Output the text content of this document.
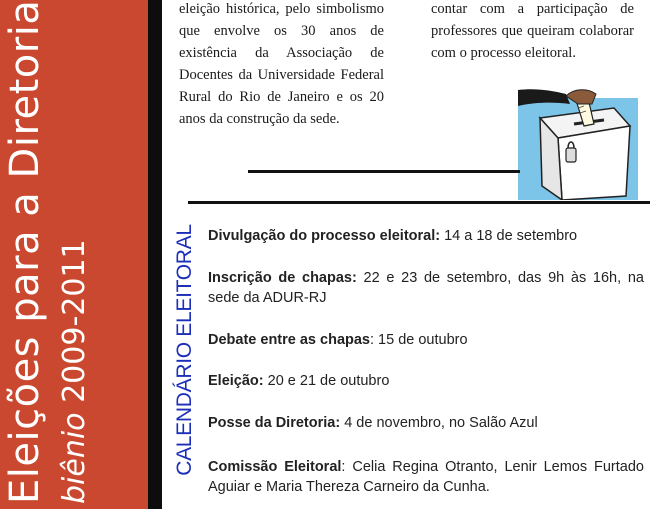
Eleições para a Diretoria biênio 2009-2011
eleição histórica, pelo simbolismo que envolve os 30 anos de existência da Associação de Docentes da Universidade Federal Rural do Rio de Janeiro e os 20 anos da construção da sede.
contar com a participação de professores que queiram colaborar com o processo eleitoral.
CALENDÁRIO ELEITORAL Divulgação do processo eleitoral: 14 a 18 de setembro
Inscrição de chapas: 22 e 23 de setembro, das 9h às 16h, na sede da ADUR-RJ
Debate entre as chapas: 15 de outubro
Eleição: 20 e 21 de outubro
Posse da Diretoria: 4 de novembro, no Salão Azul
Comissão Eleitoral: Celia Regina Otranto, Lenir Lemos Furtado Aguiar e Maria Thereza Carneiro da Cunha.
